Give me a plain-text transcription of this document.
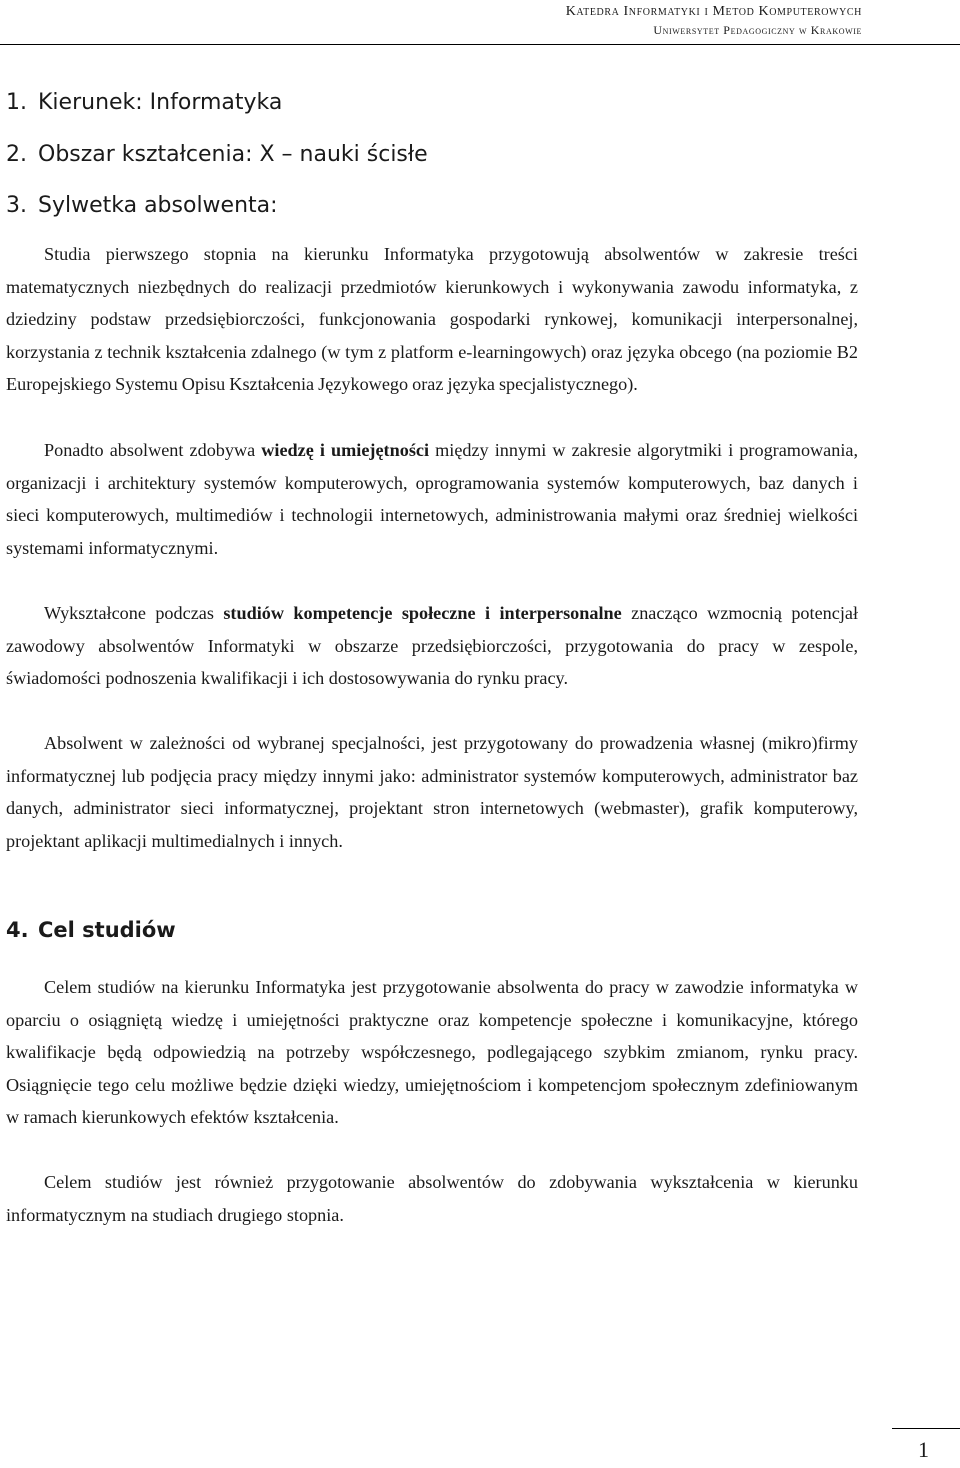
Katedra Informatyki i Metod Komputerowych
Uniwersytet Pedagogiczny w Krakowie
1. Kierunek: Informatyka
2. Obszar kształcenia: X – nauki ścisłe
3. Sylwetka absolwenta:
Studia pierwszego stopnia na kierunku Informatyka przygotowują absolwentów w zakresie treści matematycznych niezbędnych do realizacji przedmiotów kierunkowych i wykonywania zawodu informatyka, z dziedziny podstaw przedsiębiorczości, funkcjonowania gospodarki rynkowej, komunikacji interpersonalnej, korzystania z technik kształcenia zdalnego (w tym z platform e-learningowych) oraz języka obcego (na poziomie B2 Europejskiego Systemu Opisu Kształcenia Językowego oraz języka specjalistycznego).
Ponadto absolwent zdobywa wiedzę i umiejętności między innymi w zakresie algorytmiki i programowania, organizacji i architektury systemów komputerowych, oprogramowania systemów komputerowych, baz danych i sieci komputerowych, multimediów i technologii internetowych, administrowania małymi oraz średniej wielkości systemami informatycznymi.
Wykształcone podczas studiów kompetencje społeczne i interpersonalne znacząco wzmocnią potencjał zawodowy absolwentów Informatyki w obszarze przedsiębiorczości, przygotowania do pracy w zespole, świadomości podnoszenia kwalifikacji i ich dostosowywania do rynku pracy.
Absolwent w zależności od wybranej specjalności, jest przygotowany do prowadzenia własnej (mikro)firmy informatycznej lub podjęcia pracy między innymi jako: administrator systemów komputerowych, administrator baz danych, administrator sieci informatycznej, projektant stron internetowych (webmaster), grafik komputerowy, projektant aplikacji multimedialnych i innych.
4. Cel studiów
Celem studiów na kierunku Informatyka jest przygotowanie absolwenta do pracy w zawodzie informatyka w oparciu o osiągniętą wiedzę i umiejętności praktyczne oraz kompetencje społeczne i komunikacyjne, którego kwalifikacje będą odpowiedzią na potrzeby współczesnego, podlegającego szybkim zmianom, rynku pracy. Osiągnięcie tego celu możliwe będzie dzięki wiedzy, umiejętnościom i kompetencjom społecznym zdefiniowanym w ramach kierunkowych efektów kształcenia.
Celem studiów jest również przygotowanie absolwentów do zdobywania wykształcenia w kierunku informatycznym na studiach drugiego stopnia.
1
